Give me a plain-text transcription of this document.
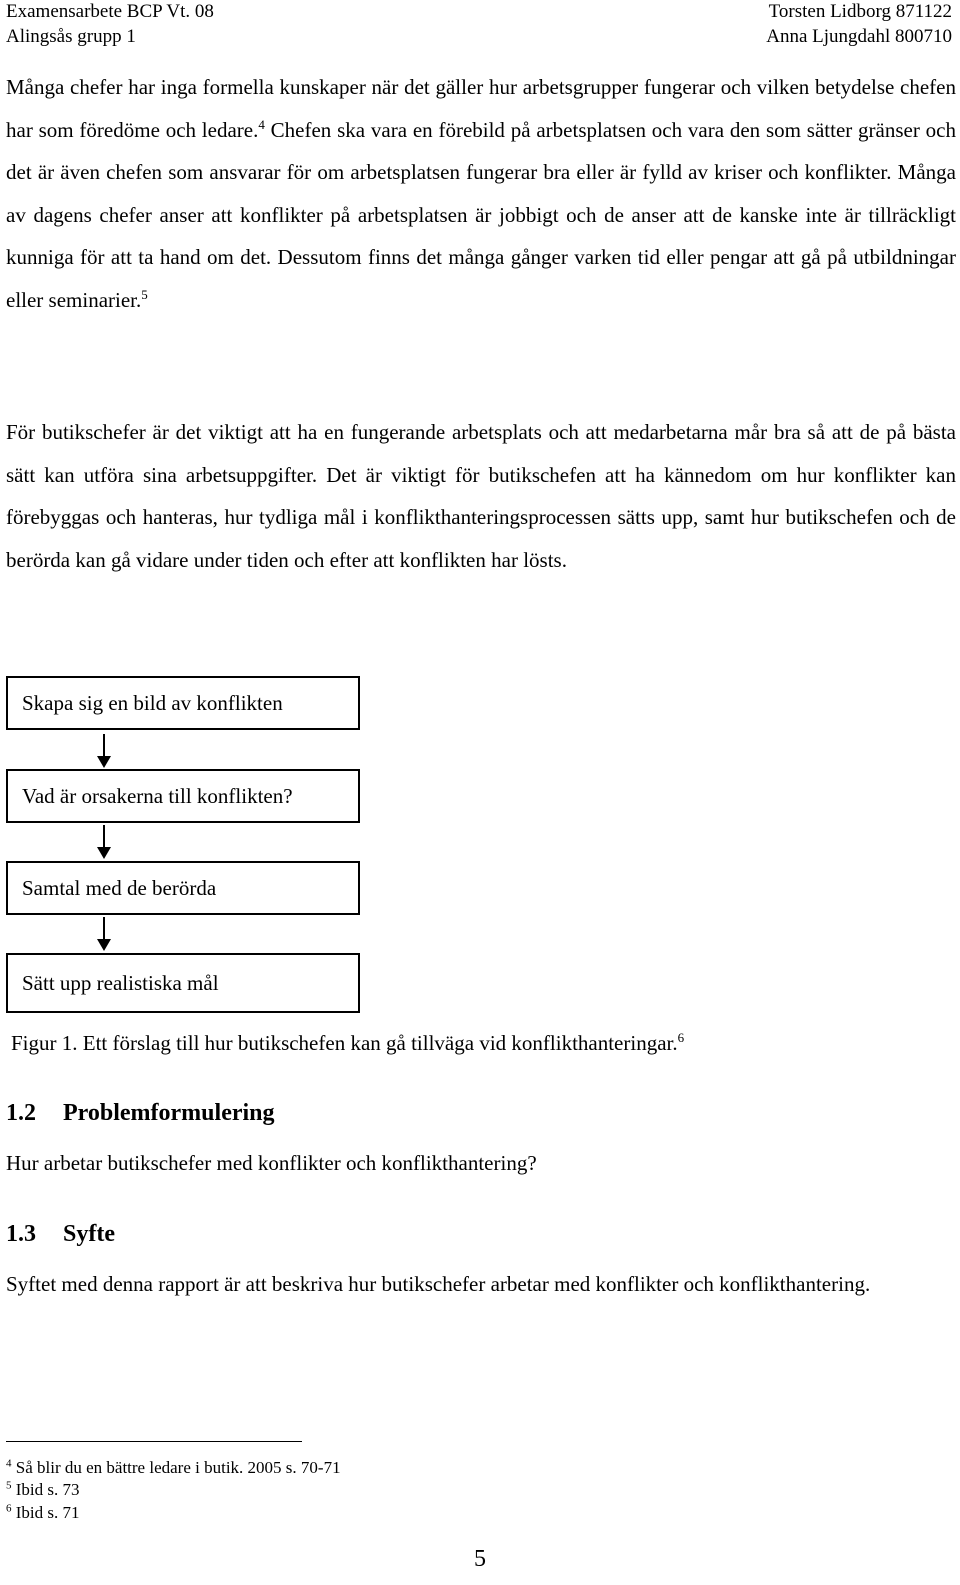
Examensarbete BCP Vt. 08
Alingsås grupp 1
Torsten Lidborg 871122
Anna Ljungdahl 800710
Många chefer har inga formella kunskaper när det gäller hur arbetsgrupper fungerar och vilken betydelse chefen har som föredöme och ledare.$^4$ Chefen ska vara en förebild på arbetsplatsen och vara den som sätter gränser och det är även chefen som ansvarar för om arbetsplatsen fungerar bra eller är fylld av kriser och konflikter. Många av dagens chefer anser att konflikter på arbetsplatsen är jobbigt och de anser att de kanske inte är tillräckligt kunniga för att ta hand om det. Dessutom finns det många gånger varken tid eller pengar att gå på utbildningar eller seminarier.$^5$
För butikschefer är det viktigt att ha en fungerande arbetsplats och att medarbetarna mår bra så att de på bästa sätt kan utföra sina arbetsuppgifter. Det är viktigt för butikschefen att ha kännedom om hur konflikter kan förebyggas och hanteras, hur tydliga mål i konflikthanteringsprocessen sätts upp, samt hur butikschefen och de berörda kan gå vidare under tiden och efter att konflikten har lösts.
Skapa sig en bild av konflikten
Vad är orsakerna till konflikten?
Samtal med de berörda
Sätt upp realistiska mål
Figur 1. Ett förslag till hur butikschefen kan gå tillväga vid konflikthanteringar.$^6$
1.2 Problemformulering
Hur arbetar butikschefer med konflikter och konflikthantering?
1.3 Syfte
Syftet med denna rapport är att beskriva hur butikschefer arbetar med konflikter och konflikthantering.
$^4$ Så blir du en bättre ledare i butik. 2005 s. 70-71
$^5$ Ibid s. 73
$^6$ Ibid s. 71
5
